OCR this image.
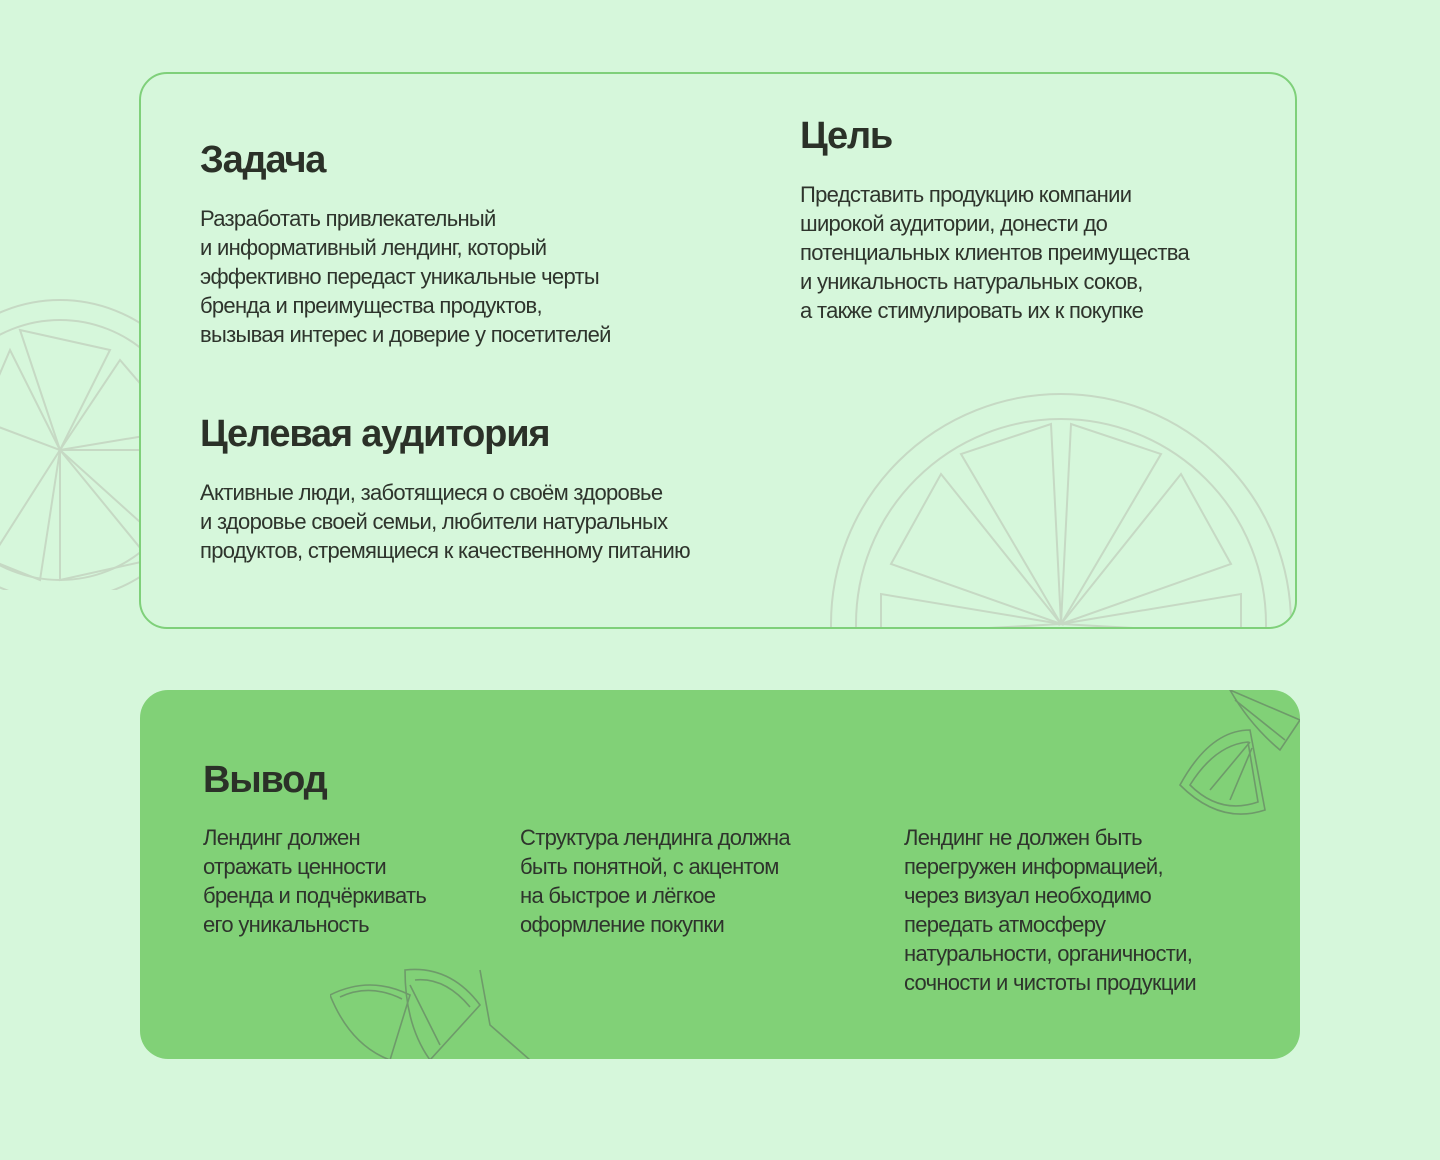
Задача

Разработать привлекательный
и информативный лендинг, который
эффективно передаст уникальные черты
бренда и преимущества продуктов,
вызывая интерес и доверие у посетителей

Цель

Представить продукцию компании
широкой аудитории, донести до
потенциальных клиентов преимущества
и уникальность натуральных соков,
а также стимулировать их к покупке

Целевая аудитория

Активные люди, заботящиеся о своём здоровье
и здоровье своей семьи, любители натуральных
продуктов, стремящиеся к качественному питанию

Вывод

Лендинг должен
отражать ценности
бренда и подчёркивать
его уникальность

Структура лендинга должна
быть понятной, с акцентом
на быстрое и лёгкое
оформление покупки

Лендинг не должен быть
перегружен информацией,
через визуал необходимо
передать атмосферу
натуральности, органичности,
сочности и чистоты продукции
